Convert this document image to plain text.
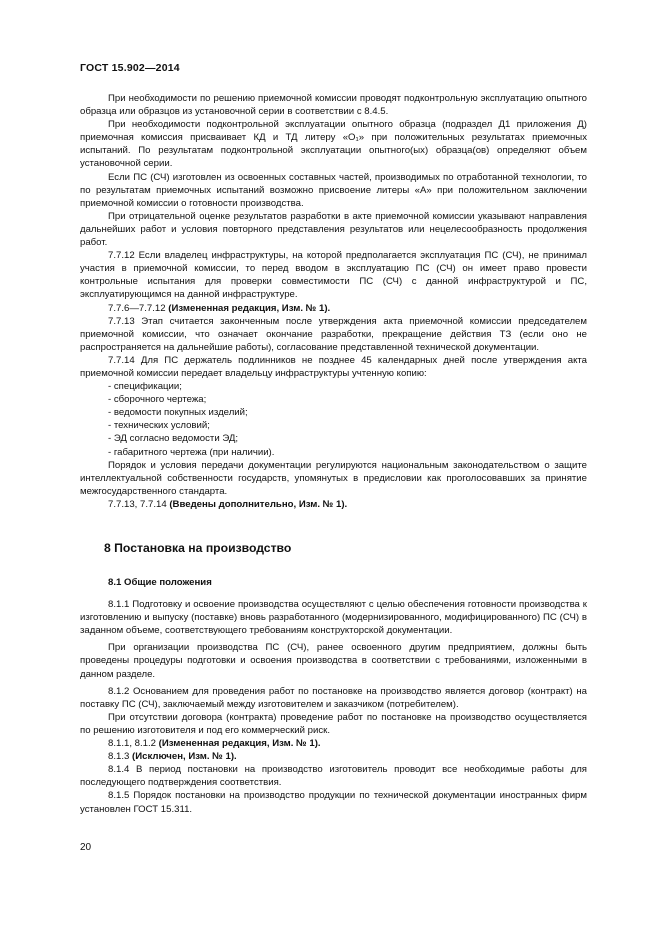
ГОСТ 15.902—2014

При необходимости по решению приемочной комиссии проводят подконтрольную эксплуатацию опытного образца или образцов из установочной серии в соответствии с 8.4.5.

При необходимости подконтрольной эксплуатации опытного образца (подраздел Д1 приложения Д) приемочная комиссия присваивает КД и ТД литеру «О₁» при положительных результатах приемочных испытаний. По результатам подконтрольной эксплуатации опытного(ых) образца(ов) определяют объем установочной серии.

Если ПС (СЧ) изготовлен из освоенных составных частей, производимых по отработанной технологии, то по результатам приемочных испытаний возможно присвоение литеры «А» при положительном заключении приемочной комиссии о готовности производства.

При отрицательной оценке результатов разработки в акте приемочной комиссии указывают направления дальнейших работ и условия повторного представления результатов или нецелесообразность продолжения работ.

7.7.12 Если владелец инфраструктуры, на которой предполагается эксплуатация ПС (СЧ), не принимал участия в приемочной комиссии, то перед вводом в эксплуатацию ПС (СЧ) он имеет право провести контрольные испытания для проверки совместимости ПС (СЧ) с данной инфраструктурой и ПС, эксплуатирующимся на данной инфраструктуре.

7.7.6—7.7.12 (Измененная редакция, Изм. № 1).

7.7.13 Этап считается законченным после утверждения акта приемочной комиссии председателем приемочной комиссии, что означает окончание разработки, прекращение действия ТЗ (если оно не распространяется на дальнейшие работы), согласование представленной технической документации.

7.7.14 Для ПС держатель подлинников не позднее 45 календарных дней после утверждения акта приемочной комиссии передает владельцу инфраструктуры учтенную копию:

- спецификации;

- сборочного чертежа;

- ведомости покупных изделий;

- технических условий;

- ЭД согласно ведомости ЭД;

- габаритного чертежа (при наличии).

Порядок и условия передачи документации регулируются национальным законодательством о защите интеллектуальной собственности государств, упомянутых в предисловии как проголосовавших за принятие межгосударственного стандарта.

7.7.13, 7.7.14 (Введены дополнительно, Изм. № 1).

8 Постановка на производство

8.1 Общие положения

8.1.1 Подготовку и освоение производства осуществляют с целью обеспечения готовности производства к изготовлению и выпуску (поставке) вновь разработанного (модернизированного, модифицированного) ПС (СЧ) в заданном объеме, соответствующего требованиям конструкторской документации.

При организации производства ПС (СЧ), ранее освоенного другим предприятием, должны быть проведены процедуры подготовки и освоения производства в соответствии с требованиями, изложенными в данном разделе.

8.1.2 Основанием для проведения работ по постановке на производство является договор (контракт) на поставку ПС (СЧ), заключаемый между изготовителем и заказчиком (потребителем).

При отсутствии договора (контракта) проведение работ по постановке на производство осуществляется по решению изготовителя и под его коммерческий риск.

8.1.1, 8.1.2 (Измененная редакция, Изм. № 1).

8.1.3 (Исключен, Изм. № 1).

8.1.4 В период постановки на производство изготовитель проводит все необходимые работы для последующего подтверждения соответствия.

8.1.5 Порядок постановки на производство продукции по технической документации иностранных фирм установлен ГОСТ 15.311.

20
